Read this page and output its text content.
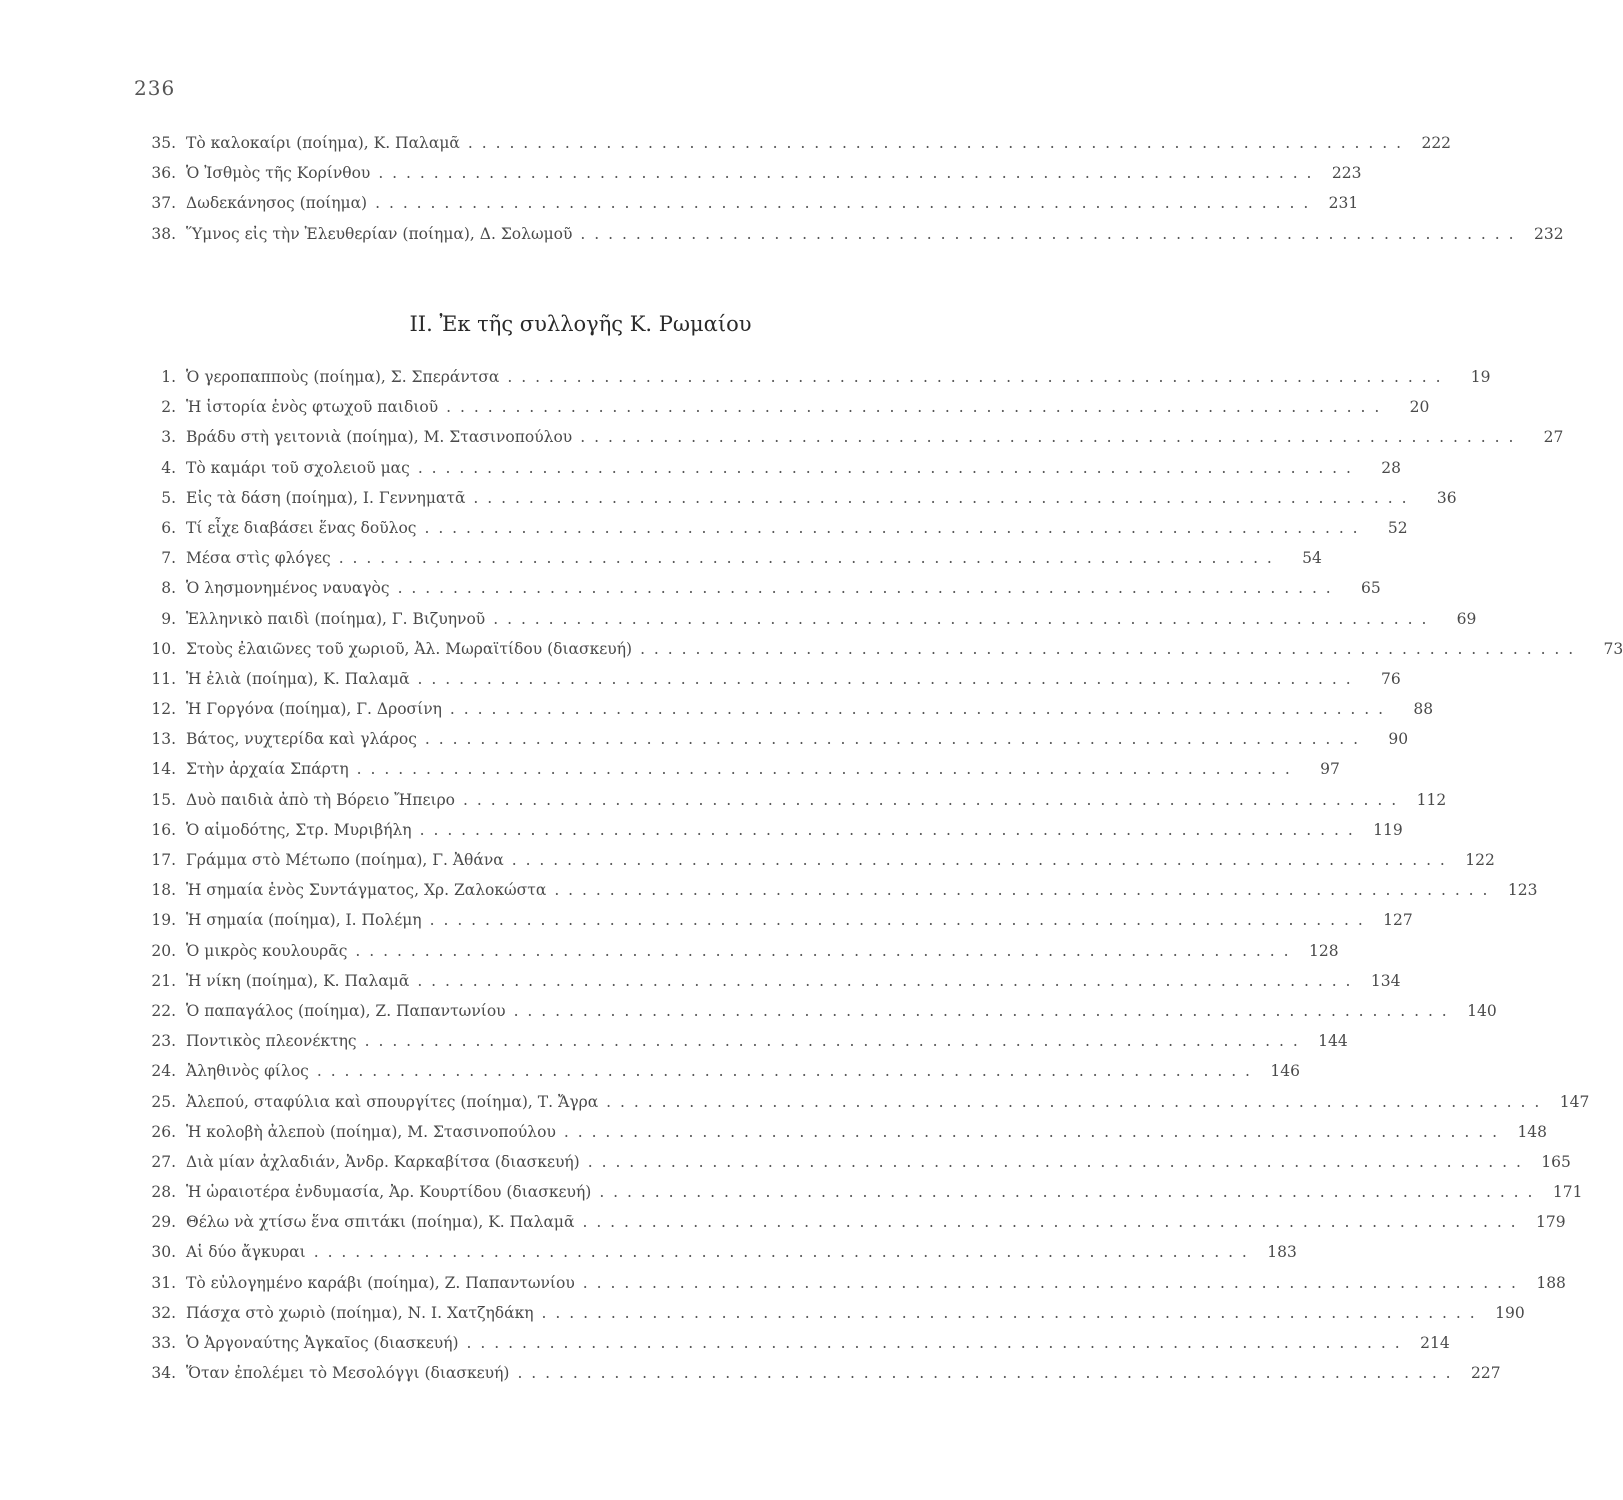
236
35. Τὸ καλοκαίρι (ποίημα), Κ. Παλαμᾶ . . .	222
36. Ὁ Ἰσθμὸς τῆς Κορίνθου . . .	223
37. Δωδεκάνησος (ποίημα) . . .	231
38. Ὕμνος εἰς τὴν Ἐλευθερίαν (ποίημα), Δ. Σολωμοῦ . . .	232
II. Ἐκ τῆς συλλογῆς Κ. Ρωμαίου
1. Ὁ γεροπαπποὺς (ποίημα), Σ. Σπεράντσα . . .	19
2. Ἡ ἱστορία ἑνὸς φτωχοῦ παιδιοῦ . . .	20
3. Βράδυ στὴ γειτονιὰ (ποίημα), Μ. Στασινοπούλου . . .	27
4. Τὸ καμάρι τοῦ σχολειοῦ μας . . .	28
5. Εἰς τὰ δάση (ποίημα), Ι. Γεννηματᾶ . . .	36
6. Τί εἶχε διαβάσει ἕνας δοῦλος . . .	52
7. Μέσα στὶς φλόγες . . .	54
8. Ὁ λησμονημένος ναυαγὸς . . .	65
9. Ἑλληνικὸ παιδὶ (ποίημα), Γ. Βιζυηνοῦ . . .	69
10. Στοὺς ἐλαιῶνες τοῦ χωριοῦ, Ἀλ. Μωραϊτίδου (διασκευή) . . .	73
11. Ἡ ἐλιὰ (ποίημα), Κ. Παλαμᾶ . . .	76
12. Ἡ Γοργόνα (ποίημα), Γ. Δροσίνη . . .	88
13. Βάτος, νυχτερίδα καὶ γλάρος . . .	90
14. Στὴν ἀρχαία Σπάρτη . . .	97
15. Δυὸ παιδιὰ ἀπὸ τὴ Βόρειο Ἤπειρο . . .	112
16. Ὁ αἱμοδότης, Στρ. Μυριβήλη . . .	119
17. Γράμμα στὸ Μέτωπο (ποίημα), Γ. Ἀθάνα . . .	122
18. Ἡ σημαία ἑνὸς Συντάγματος, Χρ. Ζαλοκώστα . . .	123
19. Ἡ σημαία (ποίημα), Ι. Πολέμη . . .	127
20. Ὁ μικρὸς κουλουρᾶς . . .	128
21. Ἡ νίκη (ποίημα), Κ. Παλαμᾶ . . .	134
22. Ὁ παπαγάλος (ποίημα), Ζ. Παπαντωνίου . . .	140
23. Ποντικὸς πλεονέκτης . . .	144
24. Ἀληθινὸς φίλος . . .	146
25. Ἀλεπού, σταφύλια καὶ σπουργίτες (ποίημα), Τ. Ἄγρα . . .	147
26. Ἡ κολοβὴ ἀλεποὺ (ποίημα), Μ. Στασινοπούλου . . .	148
27. Διὰ μίαν ἀχλαδιάν, Ἀνδρ. Καρκαβίτσα (διασκευή) . . .	165
28. Ἡ ὡραιοτέρα ἐνδυμασία, Ἀρ. Κουρτίδου (διασκευή) . . .	171
29. Θέλω νὰ χτίσω ἕνα σπιτάκι (ποίημα), Κ. Παλαμᾶ . . .	179
30. Αἱ δύο ἄγκυραι . . .	183
31. Τὸ εὐλογημένο καράβι (ποίημα), Ζ. Παπαντωνίου . . .	188
32. Πάσχα στὸ χωριὸ (ποίημα), Ν. Ι. Χατζηδάκη . . .	190
33. Ὁ Ἀργοναύτης Ἀγκαῖος (διασκευή) . . .	214
34. Ὅταν ἐπολέμει τὸ Μεσολόγγι (διασκευή) . . .	227
